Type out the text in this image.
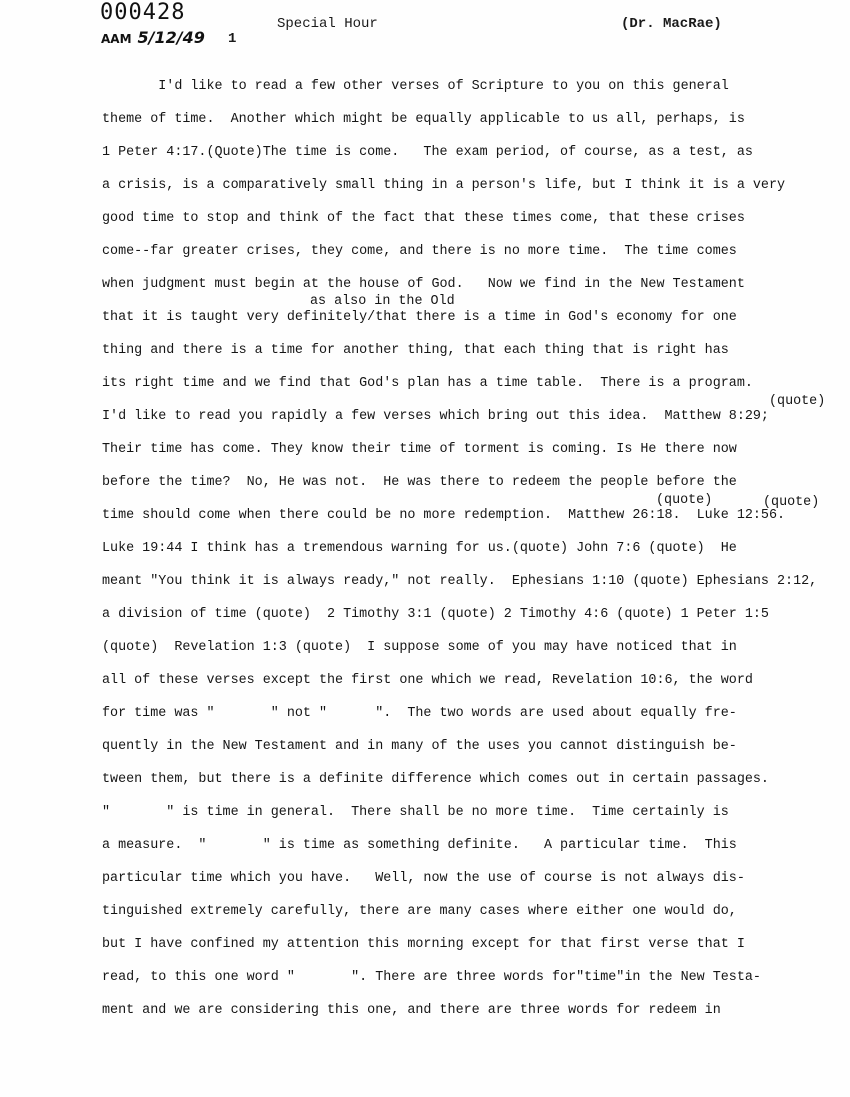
000428
AAM 5/12/49 1
Special Hour	(Dr. MacRae)
I'd like to read a few other verses of Scripture to you on this general
theme of time.  Another which might be equally applicable to us all, perhaps, is
1 Peter 4:17.(Quote)The time is come.   The exam period, of course, as a test, as
a crisis, is a comparatively small thing in a person's life, but I think it is a very
good time to stop and think of the fact that these times come, that these crises
come--far greater crises, they come, and there is no more time.  The time comes
when judgment must begin at the house of God.   Now we find in the New Testament
that it is taught very definitely/that there is a time in God's economy for one
thing and there is a time for another thing, that each thing that is right has
its right time and we find that God's plan has a time table.  There is a program.
I'd like to read you rapidly a few verses which bring out this idea.  Matthew 8:29;
Their time has come. They know their time of torment is coming. Is He there now
before the time?  No, He was not.  He was there to redeem the people before the
time should come when there could be no more redemption.  Matthew 26:18.  Luke 12:56.
Luke 19:44 I think has a tremendous warning for us.(quote) John 7:6 (quote)  He
meant "You think it is always ready," not really.  Ephesians 1:10 (quote) Ephesians 2:12,
a division of time (quote)  2 Timothy 3:1 (quote) 2 Timothy 4:6 (quote) 1 Peter 1:5
(quote)  Revelation 1:3 (quote)  I suppose some of you may have noticed that in
all of these verses except the first one which we read, Revelation 10:6, the word
for time was "       " not "      ".  The two words are used about equally fre-
quently in the New Testament and in many of the uses you cannot distinguish be-
tween them, but there is a definite difference which comes out in certain passages.
"       " is time in general.  There shall be no more time.  Time certainly is
a measure.  "       " is time as something definite.   A particular time.  This
particular time which you have.   Well, now the use of course is not always dis-
tinguished extremely carefully, there are many cases where either one would do,
but I have confined my attention this morning except for that first verse that I
read, to this one word "       ". There are three words for"time"in the New Testa-
ment and we are considering this one, and there are three words for redeem in
as also in the Old
(quote)
(quote)	(quote)
